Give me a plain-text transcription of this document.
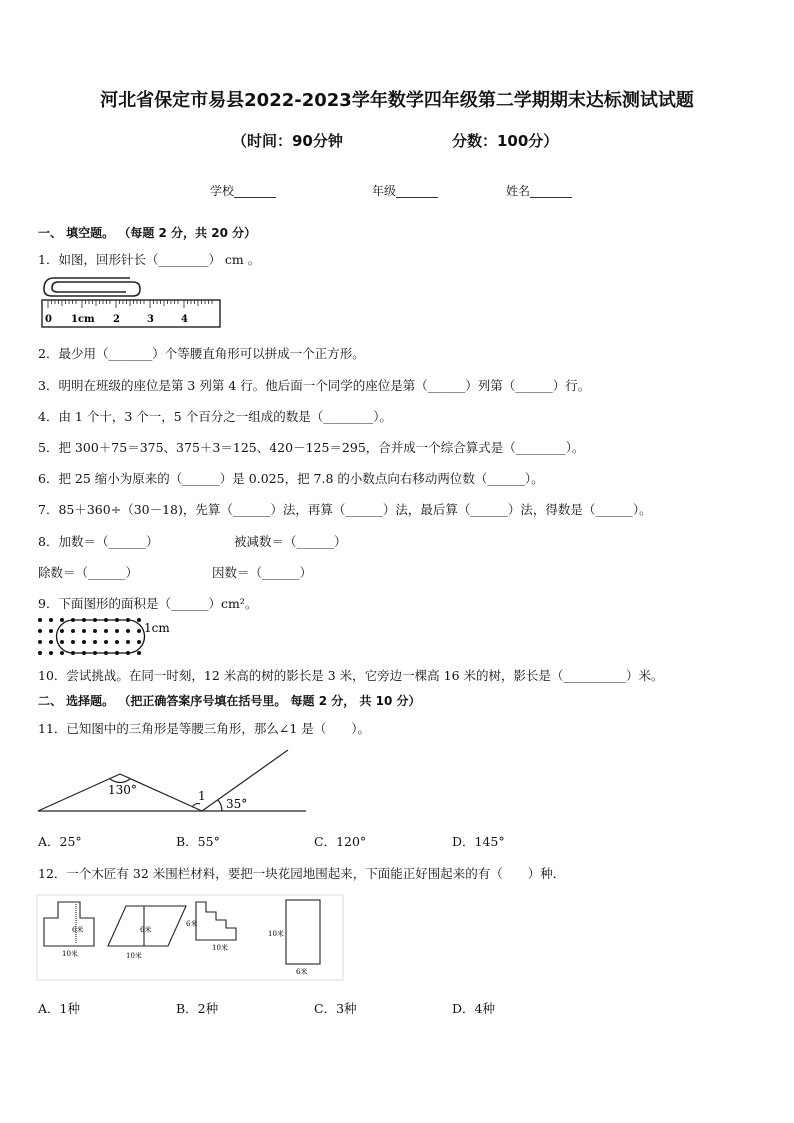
河北省保定市易县2022-2023学年数学四年级第二学期期末达标测试试题
（时间：90分钟	分数：100分）
学校_______	年级_______	姓名_______
一、 填空题。 （每题 2 分，共 20 分）
1．如图，回形针长（________） cm 。
0 1cm 2	3	4
2．最少用（_______）个等腰直角形可以拼成一个正方形。
3．明明在班级的座位是第 3 列第 4 行。他后面一个同学的座位是第（______）列第（______）行。
4．由 1 个十，3 个一，5 个百分之一组成的数是（________）。
5．把 300＋75＝375、375＋3＝125、420－125＝295，合并成一个综合算式是（________）。
6．把 25 缩小为原来的（______）是 0.025，把 7.8 的小数点向右移动两位数（______）。
7．85＋360÷（30－18)，先算（______）法，再算（______）法，最后算（______）法，得数是（______）。
8．加数＝（______）	被减数＝（______）
除数＝（______）	因数＝（______）
9．下面图形的面积是（______）cm²。
1cm
10．尝试挑战。在同一时刻，12 米高的树的影长是 3 米，它旁边一棵高 16 米的树，影长是（__________）米。
二、 选择题。 （把正确答案序号填在括号里。 每题 2 分， 共 10 分）
11．已知图中的三角形是等腰三角形，那么∠1 是（　　）。
130°	1
35°
A．25°	B．55°	C．120°	D．145°
12．一个木匠有 32 米围栏材料，要把一块花园地围起来，下面能正好围起来的有（　　）种．
6米
10米
6米
10米
6米
10米
10米
6米
A．1种	B．2种	C．3种	D．4种
